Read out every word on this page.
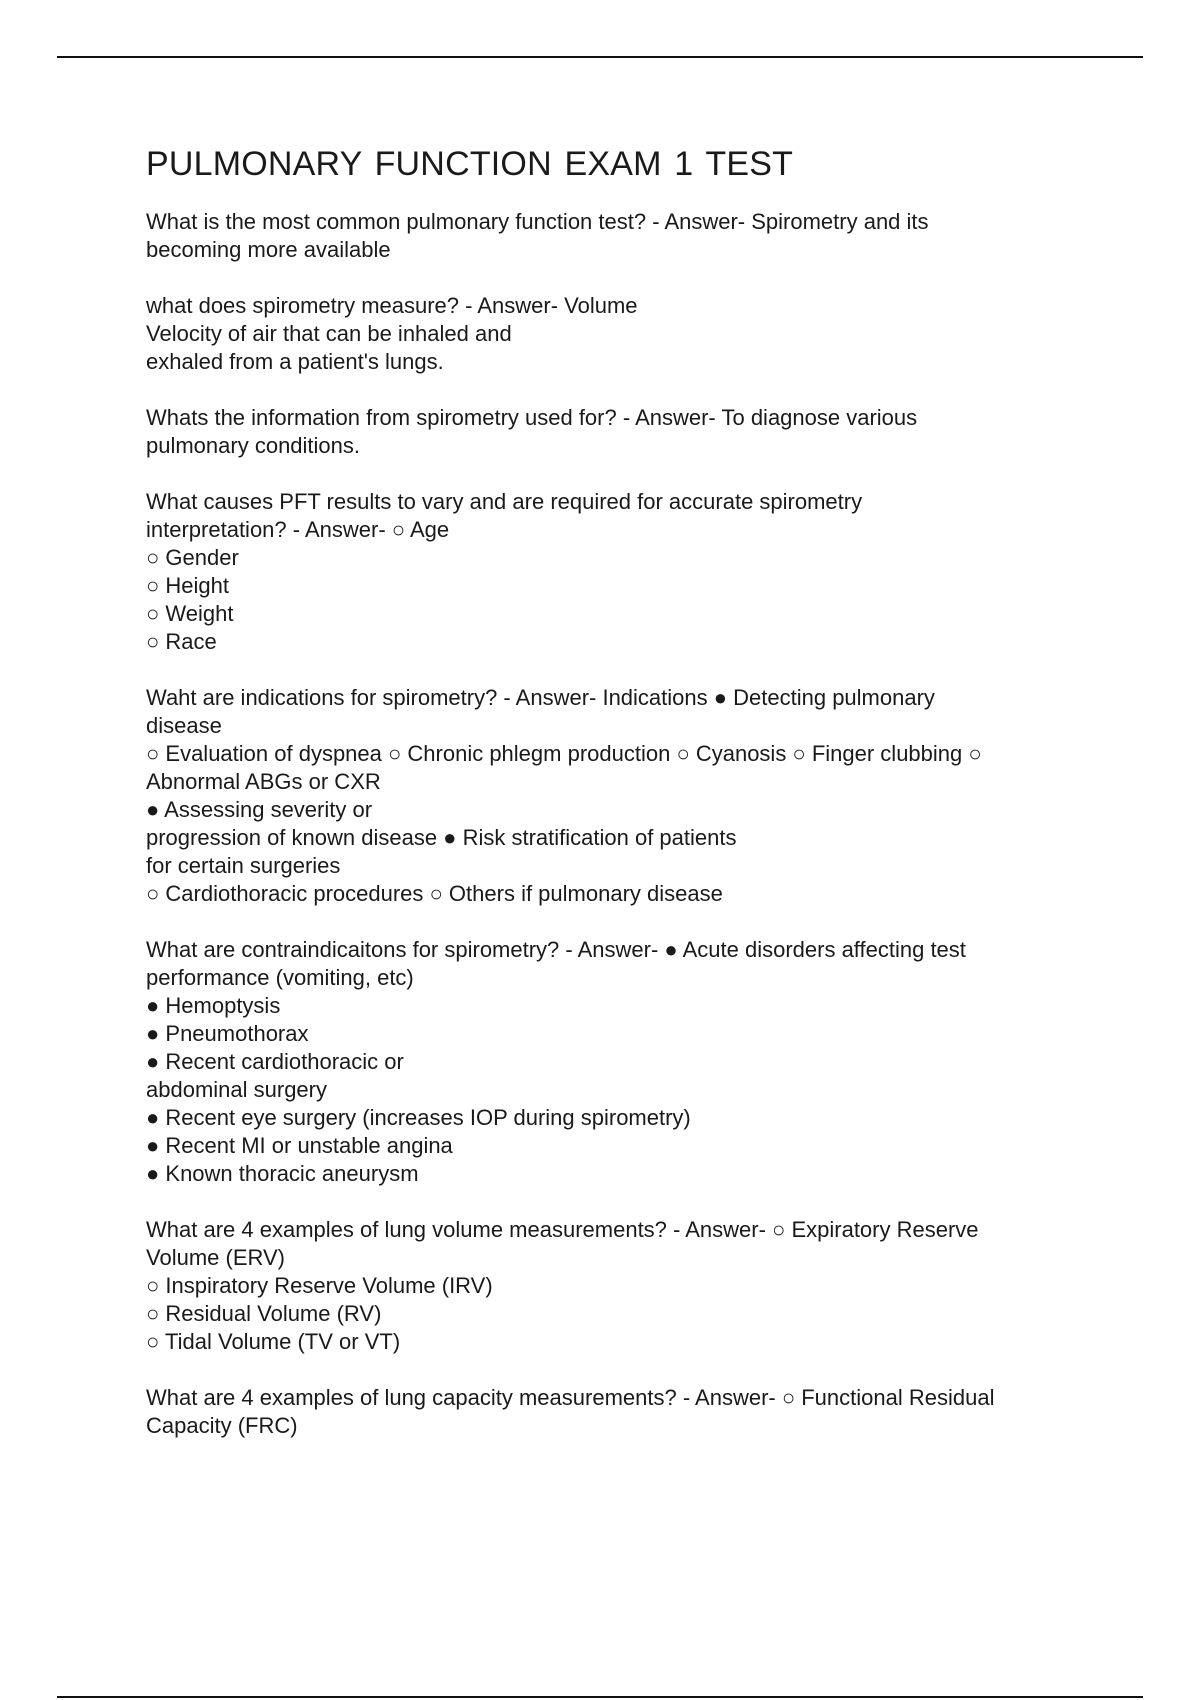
PULMONARY FUNCTION EXAM 1 TEST
What is the most common pulmonary function test? - Answer- Spirometry and its
becoming more available
what does spirometry measure? - Answer- Volume
Velocity of air that can be inhaled and
exhaled from a patient's lungs.
Whats the information from spirometry used for? - Answer- To diagnose various
pulmonary conditions.
What causes PFT results to vary and are required for accurate spirometry
interpretation? - Answer- ○ Age
○ Gender
○ Height
○ Weight
○ Race
Waht are indications for spirometry? - Answer- Indications ● Detecting pulmonary
disease
○ Evaluation of dyspnea ○ Chronic phlegm production ○ Cyanosis ○ Finger clubbing ○
Abnormal ABGs or CXR
● Assessing severity or
progression of known disease ● Risk stratification of patients
for certain surgeries
○ Cardiothoracic procedures ○ Others if pulmonary disease
What are contraindicaitons for spirometry? - Answer- ● Acute disorders affecting test
performance (vomiting, etc)
● Hemoptysis
● Pneumothorax
● Recent cardiothoracic or
abdominal surgery
● Recent eye surgery (increases IOP during spirometry)
● Recent MI or unstable angina
● Known thoracic aneurysm
What are 4 examples of lung volume measurements? - Answer- ○ Expiratory Reserve
Volume (ERV)
○ Inspiratory Reserve Volume (IRV)
○ Residual Volume (RV)
○ Tidal Volume (TV or VT)
What are 4 examples of lung capacity measurements? - Answer- ○ Functional Residual
Capacity (FRC)
